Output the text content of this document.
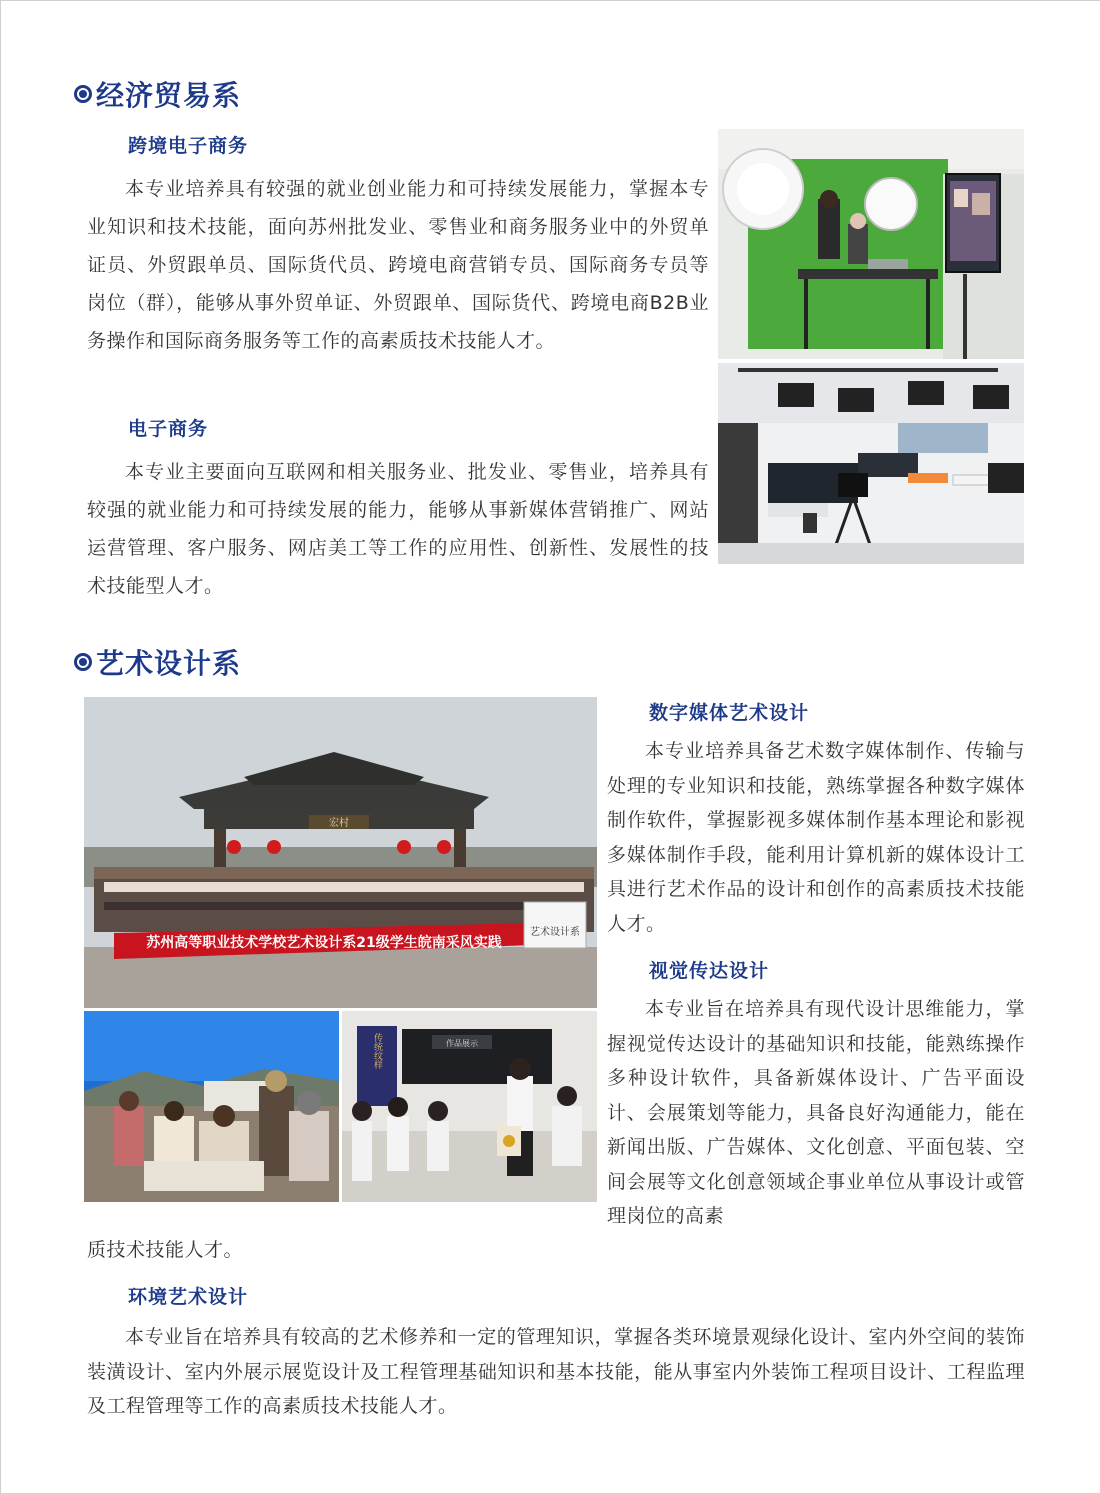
经济贸易系
跨境电子商务

本专业培养具有较强的就业创业能力和可持续发展能力，掌握本专业知识和技术技能，面向苏州批发业、零售业和商务服务业中的外贸单证员、外贸跟单员、国际货代员、跨境电商营销专员、国际商务专员等岗位（群），能够从事外贸单证、外贸跟单、国际货代、跨境电商B2B业务操作和国际商务服务等工作的高素质技术技能人才。

电子商务

本专业主要面向互联网和相关服务业、批发业、零售业，培养具有较强的就业能力和可持续发展的能力，能够从事新媒体营销推广、网站运营管理、客户服务、网店美工等工作的应用性、创新性、发展性的技术技能型人才。

艺术设计系
宏村
苏州高等职业技术学校艺术设计系21级学生皖南采风实践
艺术设计系
作品展示
传统纹样
数字媒体艺术设计

本专业培养具备艺术数字媒体制作、传输与处理的专业知识和技能，熟练掌握各种数字媒体制作软件，掌握影视多媒体制作基本理论和影视多媒体制作手段，能利用计算机新的媒体设计工具进行艺术作品的设计和创作的高素质技术技能人才。

视觉传达设计

本专业旨在培养具有现代设计思维能力，掌握视觉传达设计的基础知识和技能，能熟练操作多种设计软件，具备新媒体设计、广告平面设计、会展策划等能力，具备良好沟通能力，能在新闻出版、广告媒体、文化创意、平面包装、空间会展等文化创意领域企事业单位从事设计或管理岗位的高素

质技术技能人才。

环境艺术设计

本专业旨在培养具有较高的艺术修养和一定的管理知识，掌握各类环境景观绿化设计、室内外空间的装饰装潢设计、室内外展示展览设计及工程管理基础知识和基本技能，能从事室内外装饰工程项目设计、工程监理及工程管理等工作的高素质技术技能人才。
